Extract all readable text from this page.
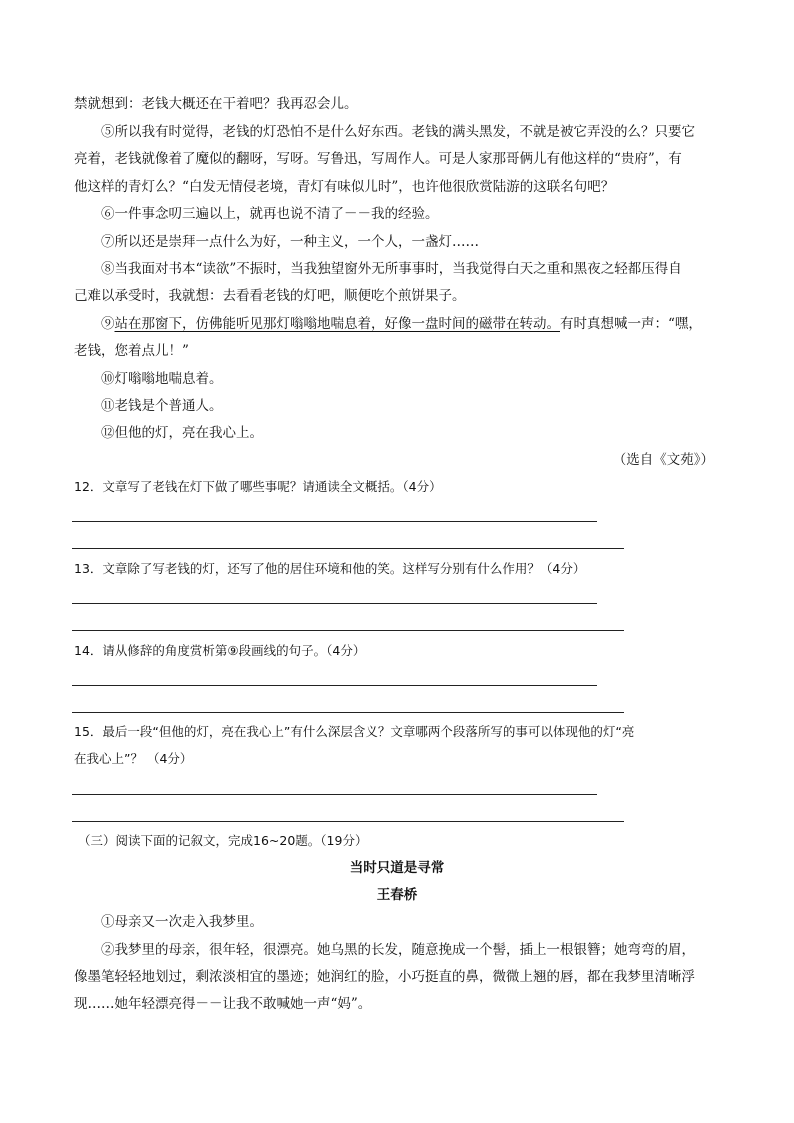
禁就想到：老钱大概还在干着吧？我再忍会儿。
⑤所以我有时觉得，老钱的灯恐怕不是什么好东西。老钱的满头黑发，不就是被它弄没的么？只要它
亮着，老钱就像着了魔似的翻呀，写呀。写鲁迅，写周作人。可是人家那哥俩儿有他这样的“贵府”，有
他这样的青灯么？“白发无情侵老境，青灯有味似儿时”，也许他很欣赏陆游的这联名句吧？
⑥一件事念叨三遍以上，就再也说不清了－－我的经验。
⑦所以还是崇拜一点什么为好，一种主义，一个人，一盏灯……
⑧当我面对书本“读欲”不振时，当我独望窗外无所事事时，当我觉得白天之重和黑夜之轻都压得自
己难以承受时，我就想：去看看老钱的灯吧，顺便吃个煎饼果子。
⑨站在那窗下，仿佛能听见那灯嗡嗡地喘息着，好像一盘时间的磁带在转动。有时真想喊一声：“嘿，
老钱，您着点儿！”
⑩灯嗡嗡地喘息着。
⑪老钱是个普通人。
⑫但他的灯，亮在我心上。
（选自《文苑》）
12．文章写了老钱在灯下做了哪些事呢？请通读全文概括。（4分）
13．文章除了写老钱的灯，还写了他的居住环境和他的笑。这样写分别有什么作用？（4分）
14．请从修辞的角度赏析第⑨段画线的句子。（4分）
15．最后一段“但他的灯，亮在我心上”有什么深层含义？文章哪两个段落所写的事可以体现他的灯“亮
在我心上”？ （4分）
（三）阅读下面的记叙文，完成16~20题。（19分）
当时只道是寻常
王春桥
①母亲又一次走入我梦里。
②我梦里的母亲，很年轻，很漂亮。她乌黑的长发，随意挽成一个髻，插上一根银簪；她弯弯的眉，
像墨笔轻轻地划过，剩浓淡相宜的墨迹；她润红的脸，小巧挺直的鼻，微微上翘的唇，都在我梦里清晰浮
现……她年轻漂亮得－－让我不敢喊她一声“妈”。
